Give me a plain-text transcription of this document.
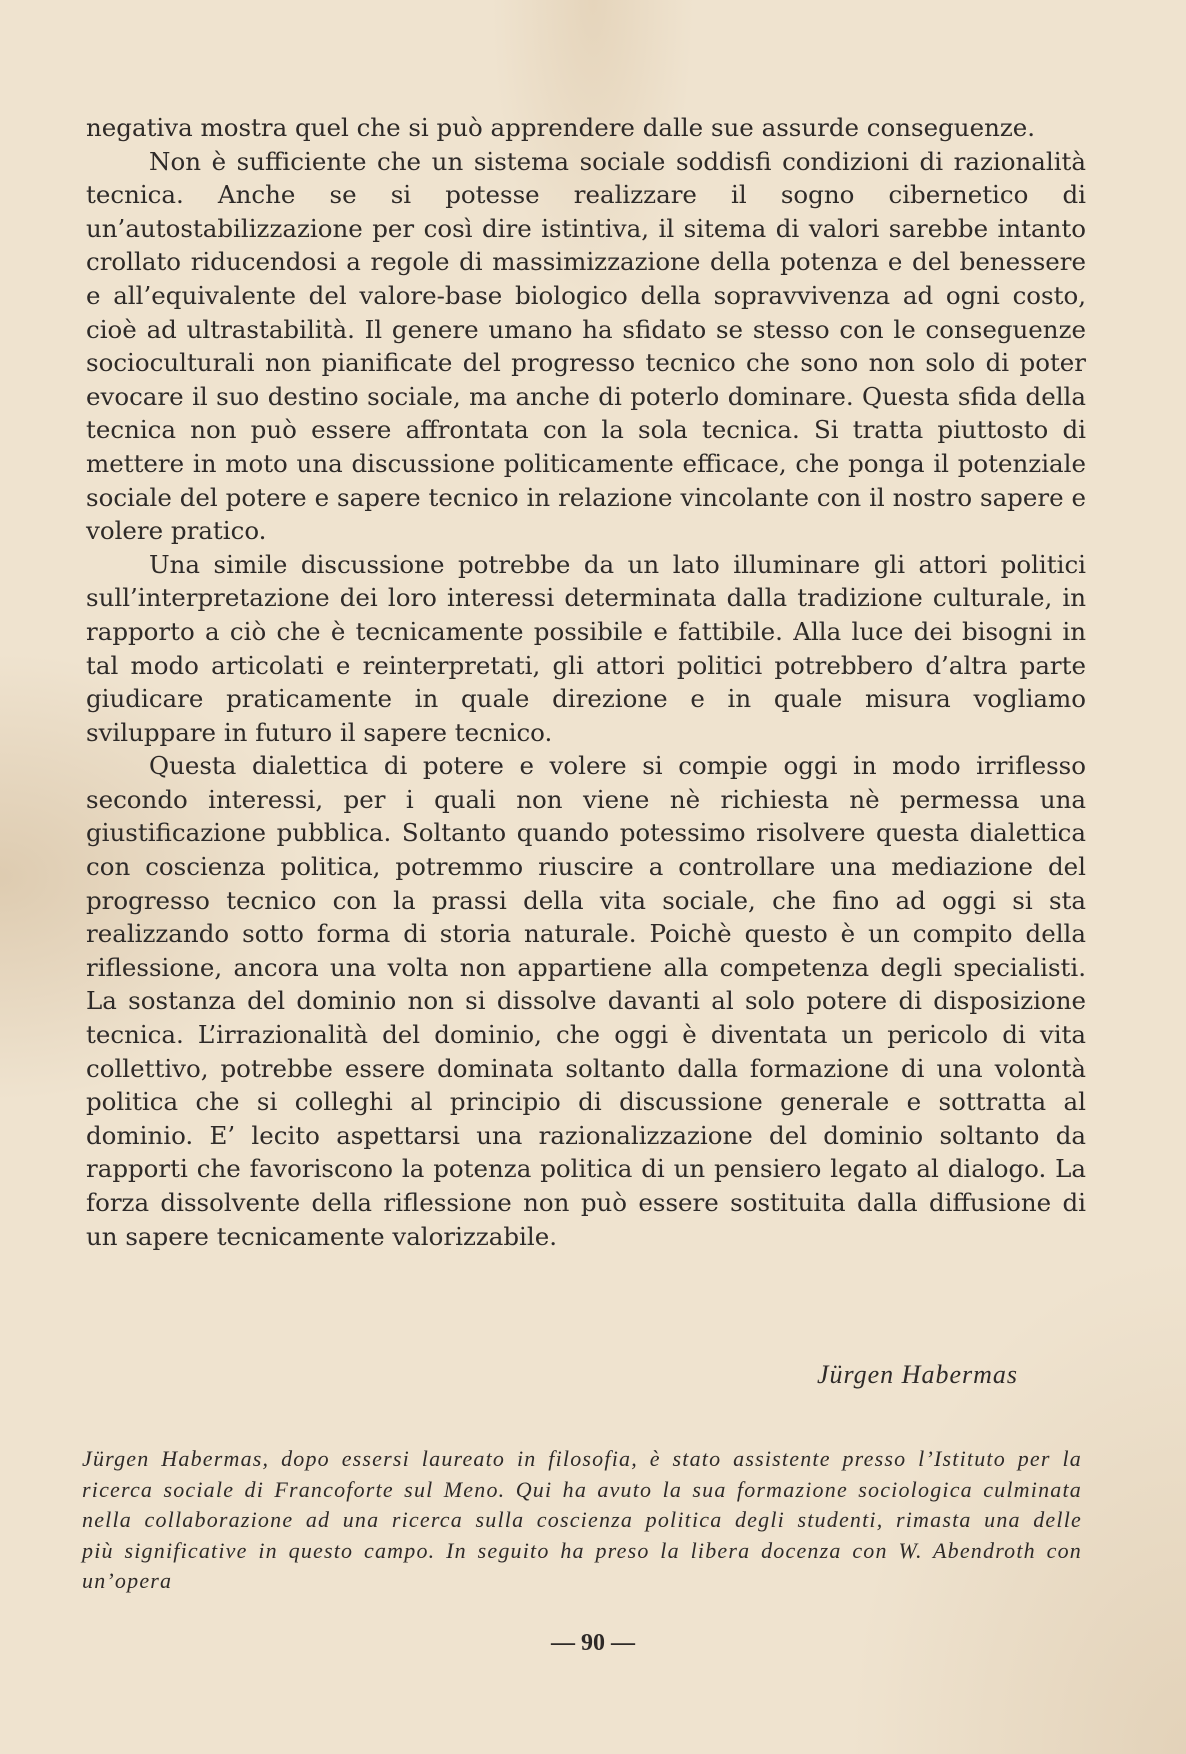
negativa mostra quel che si può apprendere dalle sue assurde conseguenze.

Non è sufficiente che un sistema sociale soddisfi condizioni di razionalità tecnica. Anche se si potesse realizzare il sogno cibernetico di un’autostabilizzazione per così dire istintiva, il sitema di valori sarebbe intanto crollato riducendosi a regole di massimizzazione della potenza e del benessere e all’equivalente del valore-base biologico della sopravvivenza ad ogni costo, cioè ad ultrastabilità. Il genere umano ha sfidato se stesso con le conseguenze socioculturali non pianificate del progresso tecnico che sono non solo di poter evocare il suo destino sociale, ma anche di poterlo dominare. Questa sfida della tecnica non può essere affrontata con la sola tecnica. Si tratta piuttosto di mettere in moto una discussione politicamente efficace, che ponga il potenziale sociale del potere e sapere tecnico in relazione vincolante con il nostro sapere e volere pratico.

Una simile discussione potrebbe da un lato illuminare gli attori politici sull’interpretazione dei loro interessi determinata dalla tradizione culturale, in rapporto a ciò che è tecnicamente possibile e fattibile. Alla luce dei bisogni in tal modo articolati e reinterpretati, gli attori politici potrebbero d’altra parte giudicare praticamente in quale direzione e in quale misura vogliamo sviluppare in futuro il sapere tecnico.

Questa dialettica di potere e volere si compie oggi in modo irriflesso secondo interessi, per i quali non viene nè richiesta nè permessa una giustificazione pubblica. Soltanto quando potessimo risolvere questa dialettica con coscienza politica, potremmo riuscire a controllare una mediazione del progresso tecnico con la prassi della vita sociale, che fino ad oggi si sta realizzando sotto forma di storia naturale. Poichè questo è un compito della riflessione, ancora una volta non appartiene alla competenza degli specialisti. La sostanza del dominio non si dissolve davanti al solo potere di disposizione tecnica. L’irrazionalità del dominio, che oggi è diventata un pericolo di vita collettivo, potrebbe essere dominata soltanto dalla formazione di una volontà politica che si colleghi al principio di discussione generale e sottratta al dominio. E’ lecito aspettarsi una razionalizzazione del dominio soltanto da rapporti che favoriscono la potenza politica di un pensiero legato al dialogo. La forza dissolvente della riflessione non può essere sostituita dalla diffusione di un sapere tecnicamente valorizzabile.

Jürgen Habermas

Jürgen Habermas, dopo essersi laureato in filosofia, è stato assistente presso l’Istituto per la ricerca sociale di Francoforte sul Meno. Qui ha avuto la sua formazione sociologica culminata nella collaborazione ad una ricerca sulla coscienza politica degli studenti, rimasta una delle più significative in questo campo. In seguito ha preso la libera docenza con W. Abendroth con un’opera

— 90 —
